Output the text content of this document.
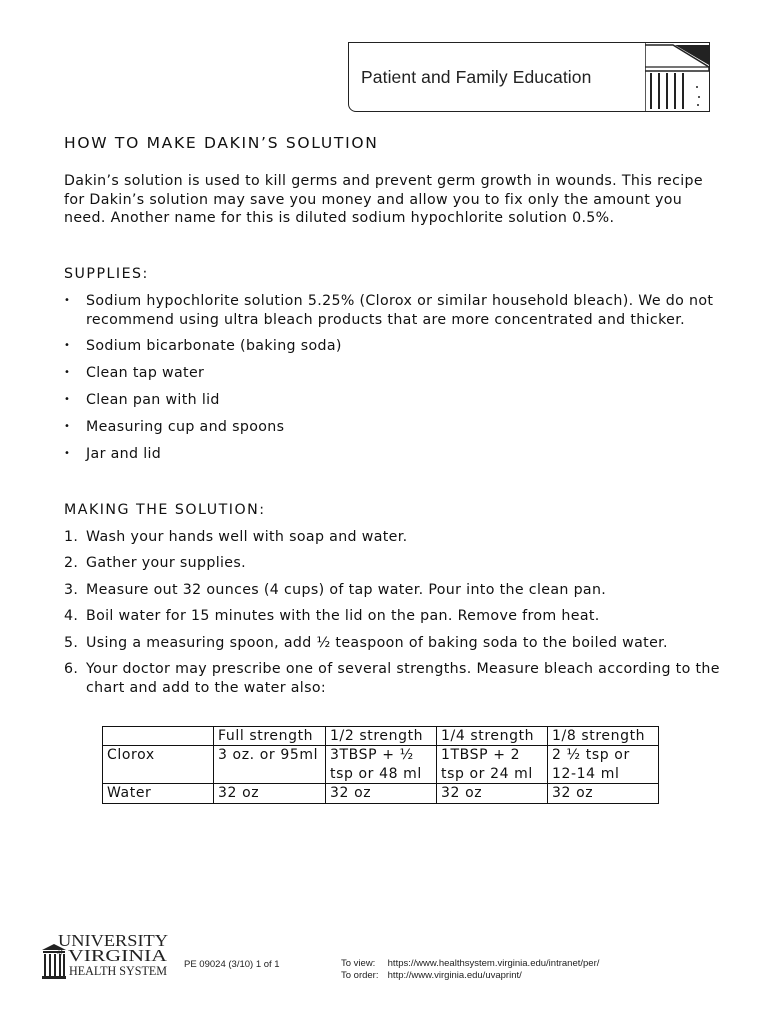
Patient and Family Education
HOW TO MAKE DAKIN’S SOLUTION

Dakin’s solution is used to kill germs and prevent germ growth in wounds. This recipe for Dakin’s solution may save you money and allow you to fix only the amount you need. Another name for this is diluted sodium hypochlorite solution 0.5%.

SUPPLIES:
• Sodium hypochlorite solution 5.25% (Clorox or similar household bleach). We do not recommend using ultra bleach products that are more concentrated and thicker.
• Sodium bicarbonate (baking soda)
• Clean tap water
• Clean pan with lid
• Measuring cup and spoons
• Jar and lid
MAKING THE SOLUTION:
1. Wash your hands well with soap and water.
2. Gather your supplies.
3. Measure out 32 ounces (4 cups) of tap water. Pour into the clean pan.
4. Boil water for 15 minutes with the lid on the pan. Remove from heat.
5. Using a measuring spoon, add ½ teaspoon of baking soda to the boiled water.
6. Your doctor may prescribe one of several strengths. Measure bleach according to the chart and add to the water also:
	Full strength	1/2 strength	1/4 strength	1/8 strength
Clorox	3 oz. or 95ml	3TBSP + ½ tsp or 48 ml	1TBSP + 2 tsp or 24 ml	2 ½ tsp or 12-14 ml
Water	32 oz	32 oz	32 oz	32 oz
UNIVERSITY
of VIRGINIA
HEALTH SYSTEM PE 09024 (3/10) 1 of 1	To view: https://www.healthsystem.virginia.edu/intranet/per/
To order: http://www.virginia.edu/uvaprint/
